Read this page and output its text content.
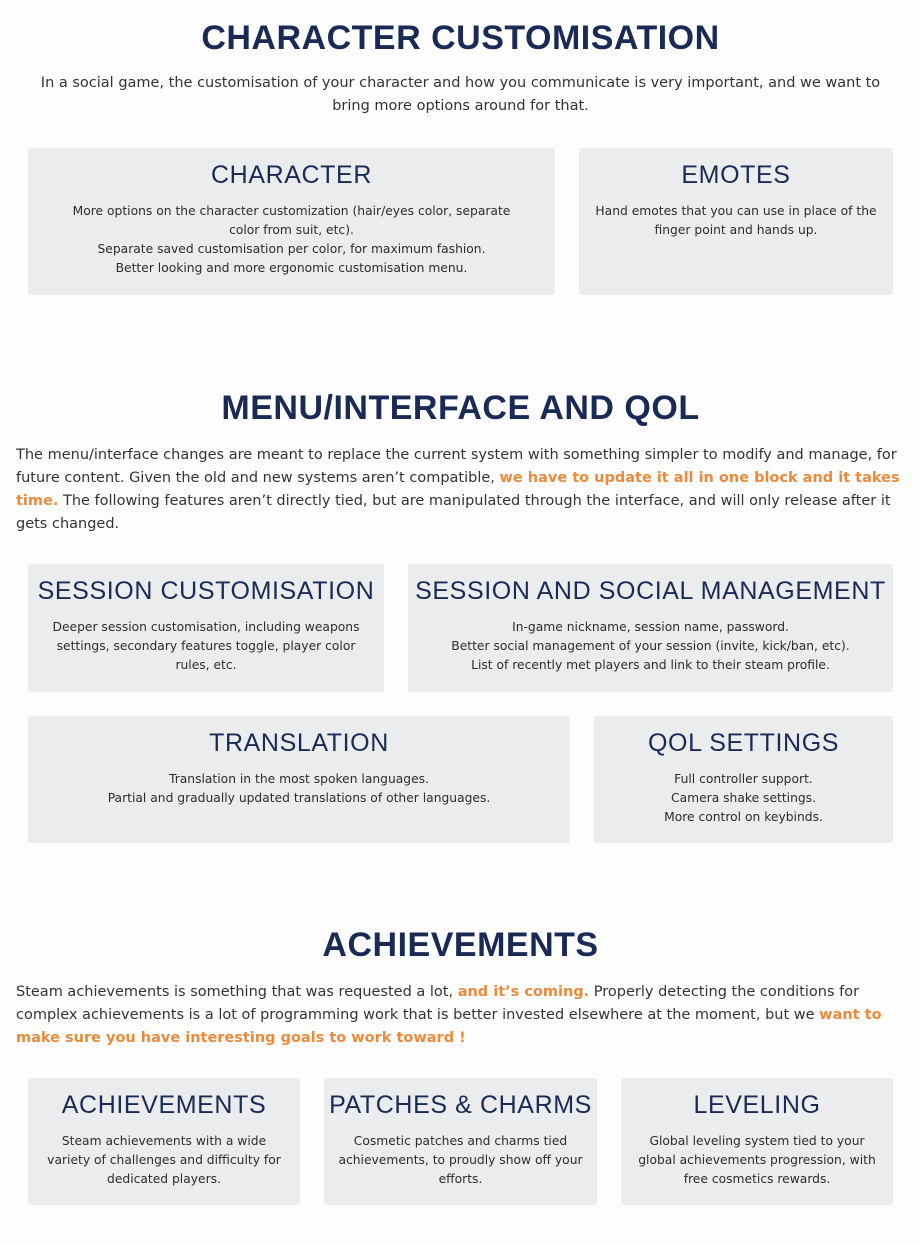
CHARACTER CUSTOMISATION

In a social game, the customisation of your character and how you communicate is very important, and we want to bring more options around for that.

CHARACTER
More options on the character customization (hair/eyes color, separate color from suit, etc).
Separate saved customisation per color, for maximum fashion.
Better looking and more ergonomic customisation menu.
EMOTES
Hand emotes that you can use in place of the finger point and hands up.
MENU/INTERFACE AND QOL

The menu/interface changes are meant to replace the current system with something simpler to modify and manage, for future content. Given the old and new systems aren’t compatible, we have to update it all in one block and it takes time. The following features aren’t directly tied, but are manipulated through the interface, and will only release after it gets changed.

SESSION CUSTOMISATION
Deeper session customisation, including weapons settings, secondary features toggle, player color rules, etc.
SESSION AND SOCIAL MANAGEMENT
In-game nickname, session name, password.
Better social management of your session (invite, kick/ban, etc).
List of recently met players and link to their steam profile.
TRANSLATION
Translation in the most spoken languages.
Partial and gradually updated translations of other languages.
QOL SETTINGS
Full controller support.
Camera shake settings.
More control on keybinds.
ACHIEVEMENTS

Steam achievements is something that was requested a lot, and it’s coming. Properly detecting the conditions for complex achievements is a lot of programming work that is better invested elsewhere at the moment, but we want to make sure you have interesting goals to work toward !

ACHIEVEMENTS
Steam achievements with a wide variety of challenges and difficulty for dedicated players.
PATCHES & CHARMS
Cosmetic patches and charms tied achievements, to proudly show off your efforts.
LEVELING
Global leveling system tied to your global achievements progression, with free cosmetics rewards.
